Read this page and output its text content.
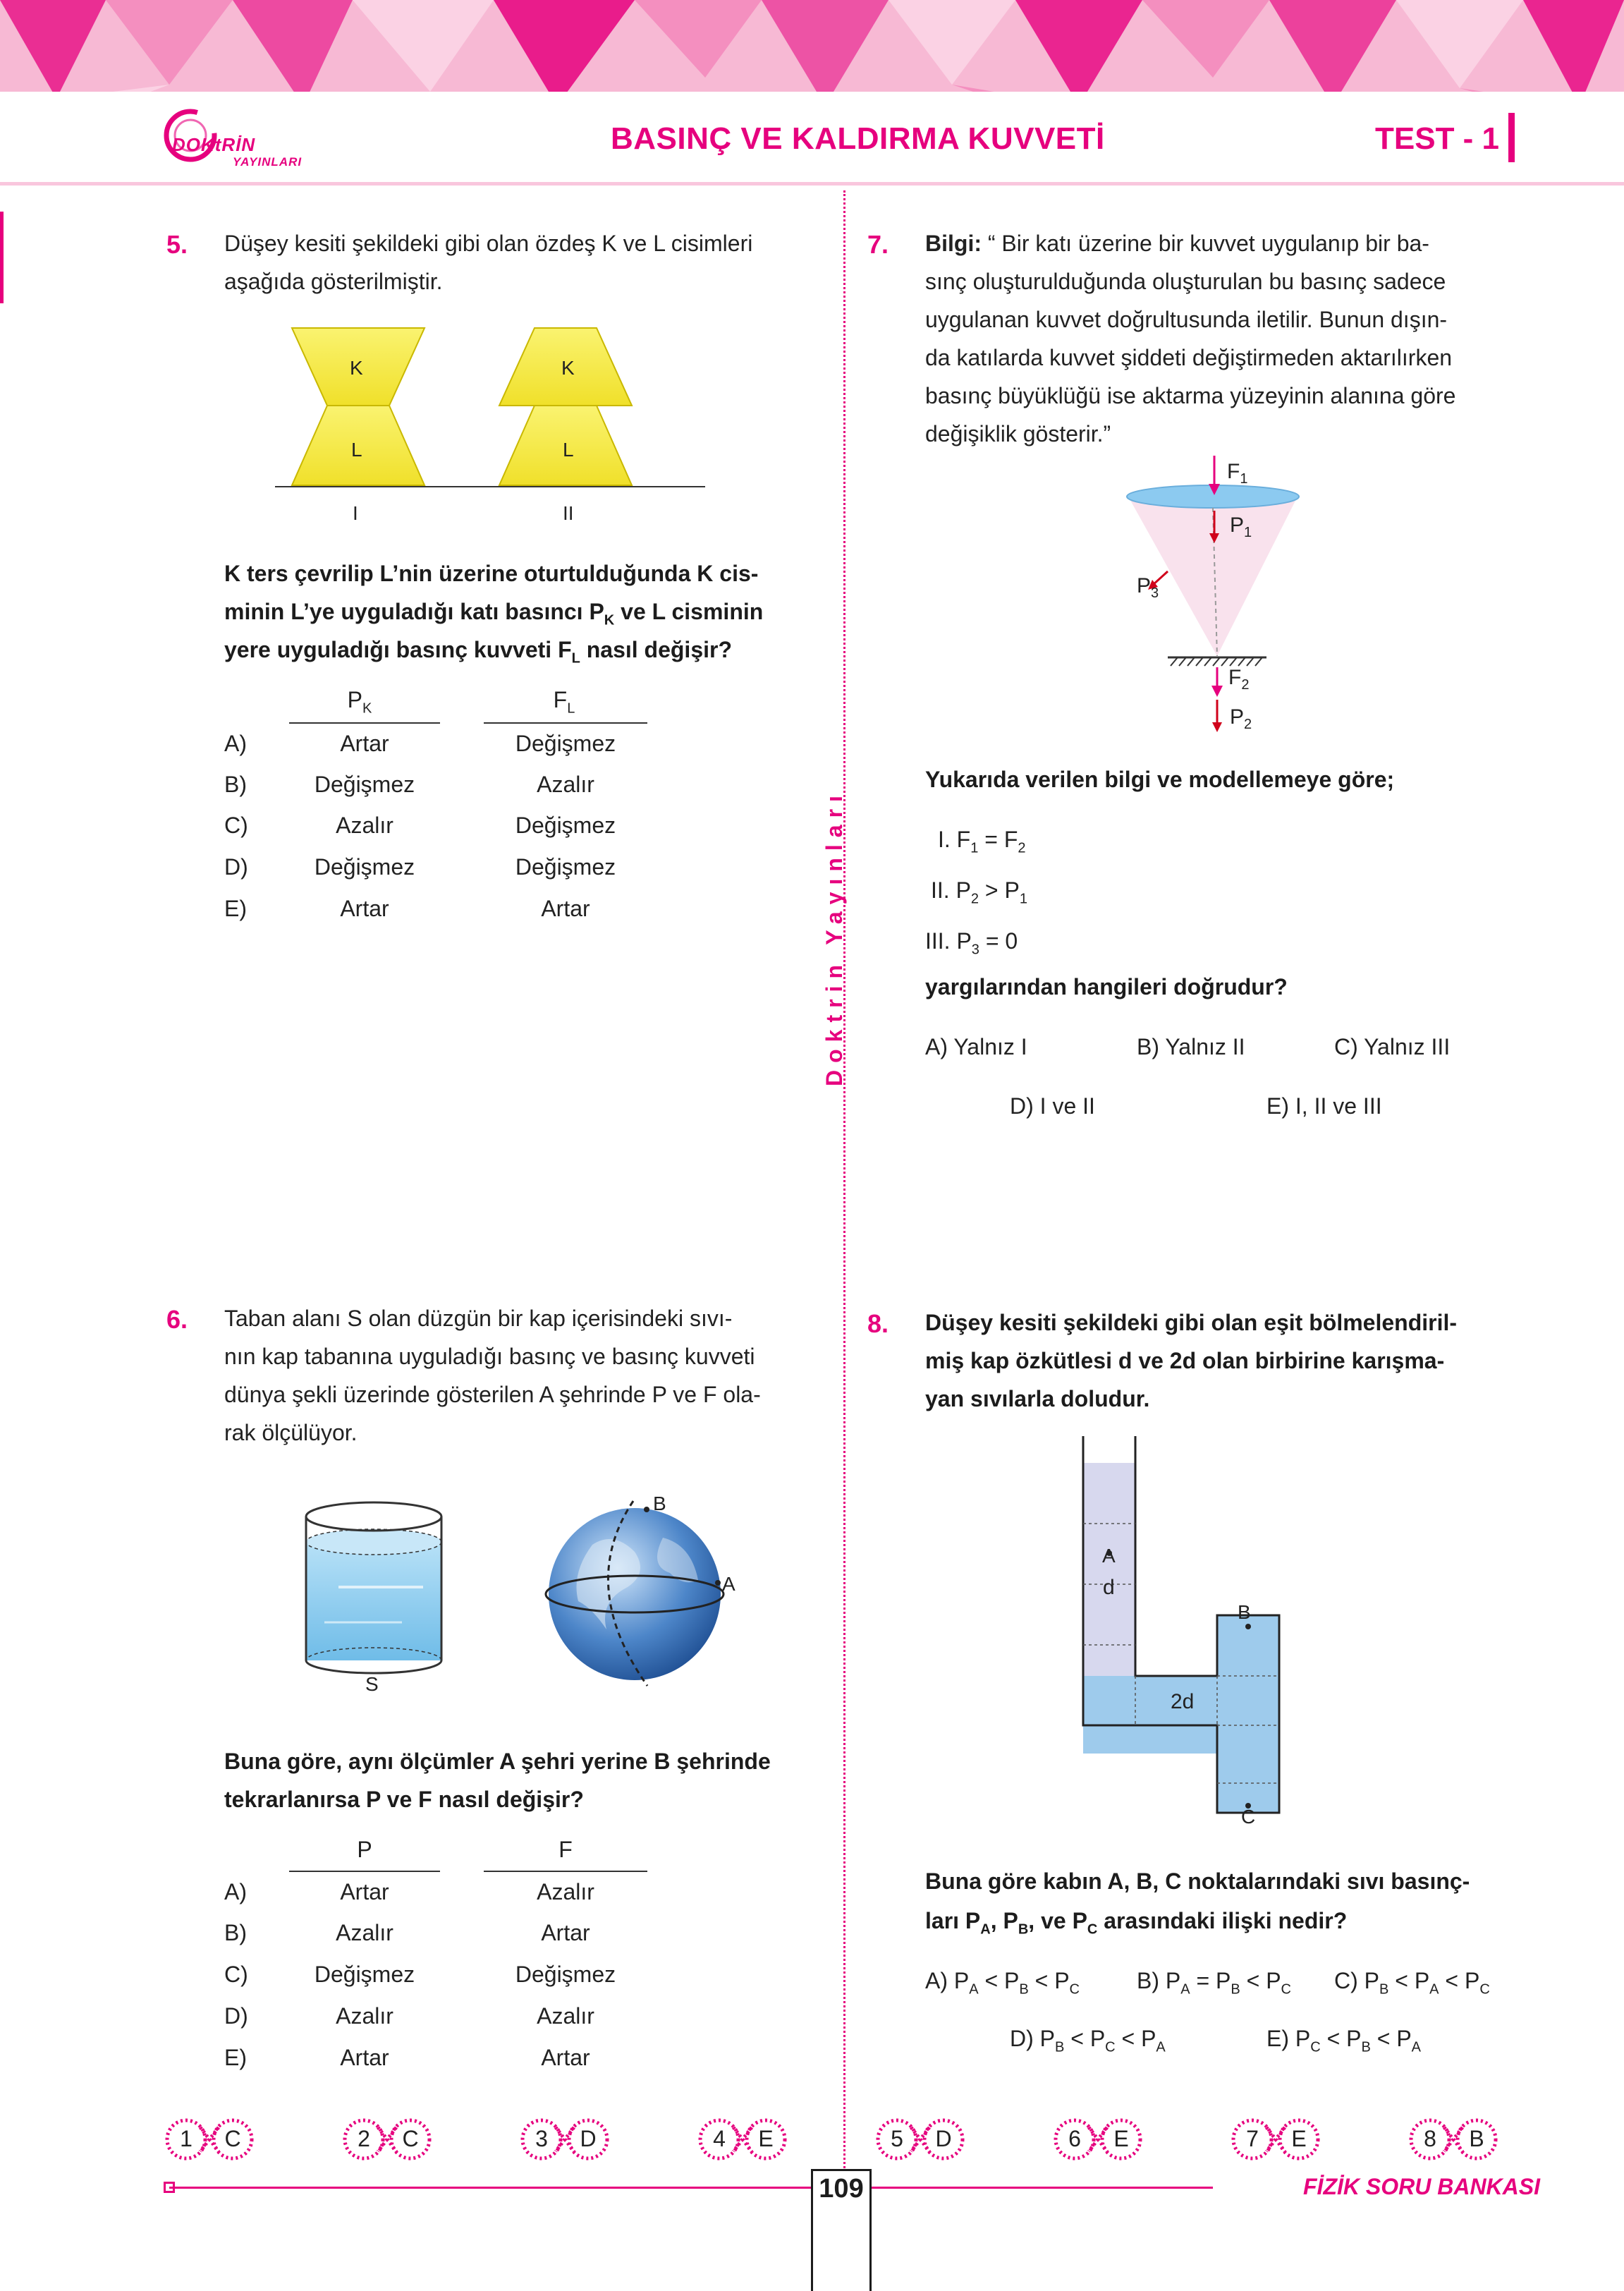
DOKtRİN
YAYINLARI
BASINÇ VE KALDIRMA KUVVETİ	TEST - 1
Doktrin Yayınları
5. Düşey kesiti şekildeki gibi olan özdeş K ve L cisimleri
aşağıda gösterilmiştir.
K
L
K
L
I	II
K ters çevrilip L’nin üzerine oturtulduğunda K cis-
minin L’ye uyguladığı katı basıncı $P_K$ ve L cisminin
yere uyguladığı basınç kuvveti $F_L$ nasıl değişir?
$P_K$	$F_L$
A)	Artar	Değişmez
B)	Değişmez	Azalır
C)	Azalır	Değişmez
D)	Değişmez	Değişmez
E)	Artar	Artar
6. Taban alanı S olan düzgün bir kap içerisindeki sıvı-
nın kap tabanına uyguladığı basınç ve basınç kuvveti
dünya şekli üzerinde gösterilen A şehrinde P ve F ola-
rak ölçülüyor.
S
A
B
Buna göre, aynı ölçümler A şehri yerine B şehrinde
tekrarlanırsa P ve F nasıl değişir?
P	F
A)	Artar	Azalır
B)	Azalır	Artar
C)	Değişmez	Değişmez
D)	Azalır	Azalır
E)	Artar	Artar
7. Bilgi: “ Bir katı üzerine bir kuvvet uygulanıp bir ba-
sınç oluşturulduğunda oluşturulan bu basınç sadece
uygulanan kuvvet doğrultusunda iletilir. Bunun dışın-
da katılarda kuvvet şiddeti değiştirmeden aktarılırken
basınç büyüklüğü ise aktarma yüzeyinin alanına göre
değişiklik gösterir.”
$F_1$
$P_1$
$P_3$
$F_2$
$P_2$
Yukarıda verilen bilgi ve modellemeye göre;
I. $F_1 = F_2$
II. $P_2 > P_1$
III. $P_3 = 0$
yargılarından hangileri doğrudur?
A) Yalnız I	B) Yalnız II	C) Yalnız III
D) I ve II	E) I, II ve III
8. Düşey kesiti şekildeki gibi olan eşit bölmelendiril-
miş kap özkütlesi d ve 2d olan birbirine karışma-
yan sıvılarla doludur.
A
d
B
2d
C
Buna göre kabın A, B, C noktalarındaki sıvı basınç-
ları $P_A$, $P_B$, ve $P_C$ arasındaki ilişki nedir?
A) $P_A < P_B < P_C$	B) $P_A = P_B < P_C$ C) $P_B < P_A < P_C$
D) $P_B < P_C < P_A$	E) $P_C < P_B < P_A$
1 C	2 C	3 D	4 E	5 D	6 E	7 E	8 B
109	FİZİK SORU BANKASI
